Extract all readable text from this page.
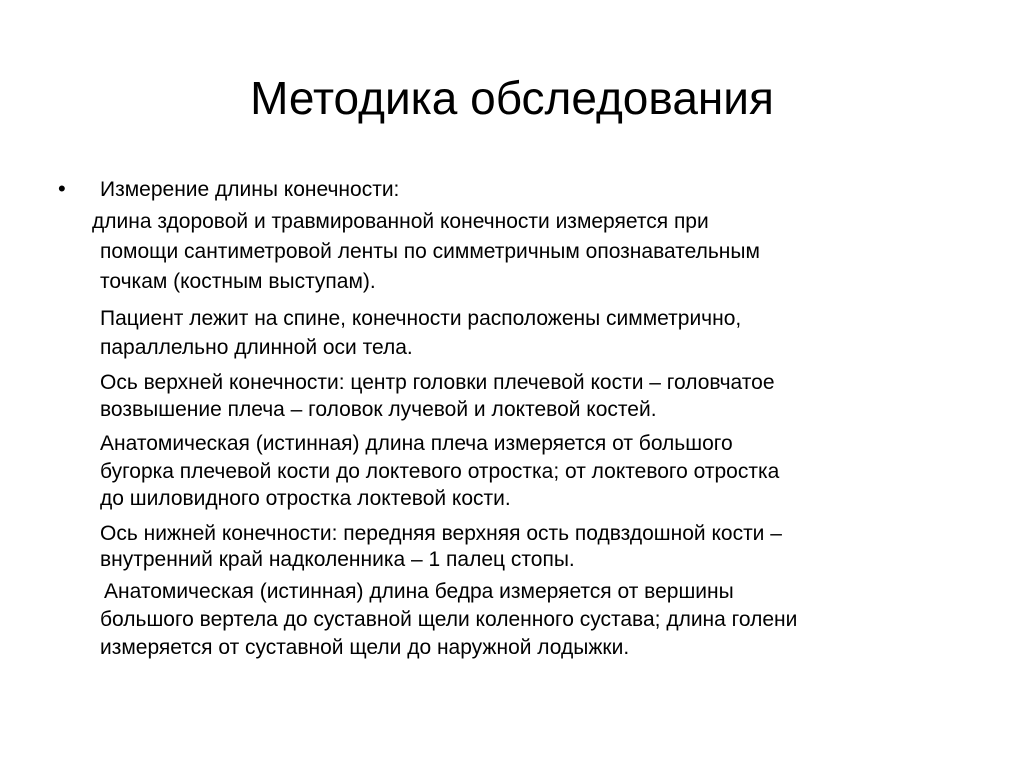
Методика обследования
• Измерение длины конечности:
длина здоровой и травмированной конечности измеряется при
помощи сантиметровой ленты по симметричным опознавательным
точкам (костным выступам).
Пациент лежит на спине, конечности расположены симметрично,
параллельно длинной оси тела.
Ось верхней конечности: центр головки плечевой кости – головчатое
возвышение плеча – головок лучевой и локтевой костей.
Анатомическая (истинная) длина плеча измеряется от большого
бугорка плечевой кости до локтевого отростка; от локтевого отростка
до шиловидного отростка локтевой кости.
Ось нижней конечности: передняя верхняя ость подвздошной кости –
внутренний край надколенника – 1 палец стопы.
Анатомическая (истинная) длина бедра измеряется от вершины
большого вертела до суставной щели коленного сустава; длина голени
измеряется от суставной щели до наружной лодыжки.
